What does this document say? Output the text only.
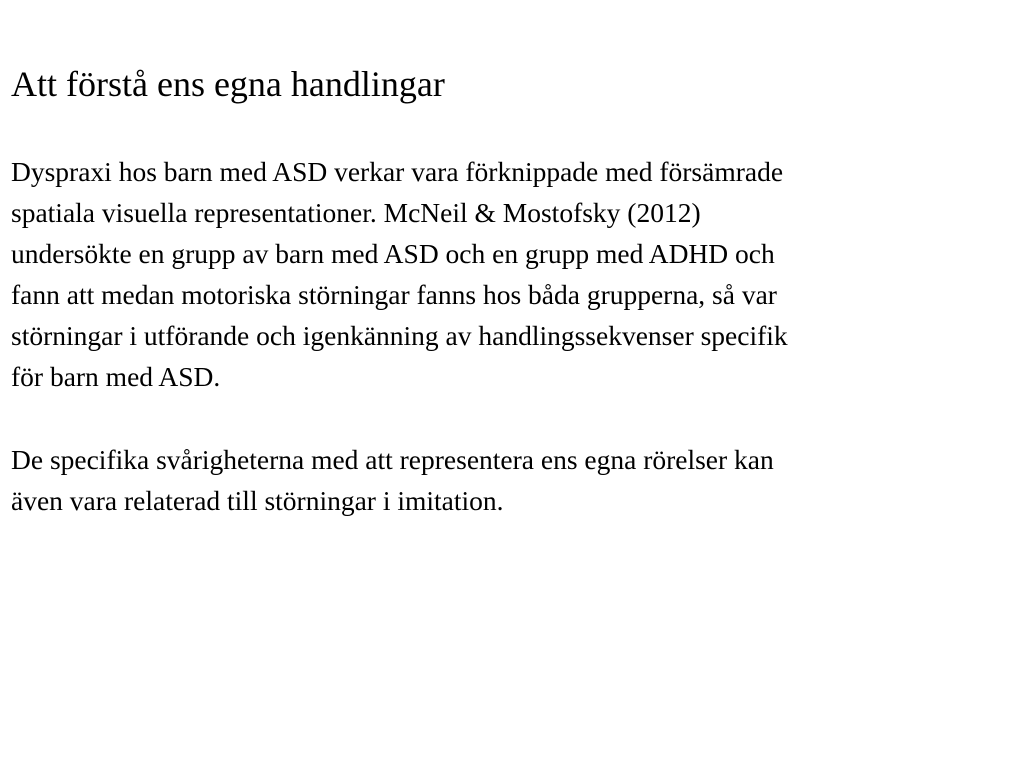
Att förstå ens egna handlingar

Dyspraxi hos barn med ASD verkar vara förknippade med försämrade
spatiala visuella representationer. McNeil & Mostofsky (2012)
undersökte en grupp av barn med ASD och en grupp med ADHD och
fann att medan motoriska störningar fanns hos båda grupperna, så var
störningar i utförande och igenkänning av handlingssekvenser specifik
för barn med ASD.

De specifika svårigheterna med att representera ens egna rörelser kan
även vara relaterad till störningar i imitation.
